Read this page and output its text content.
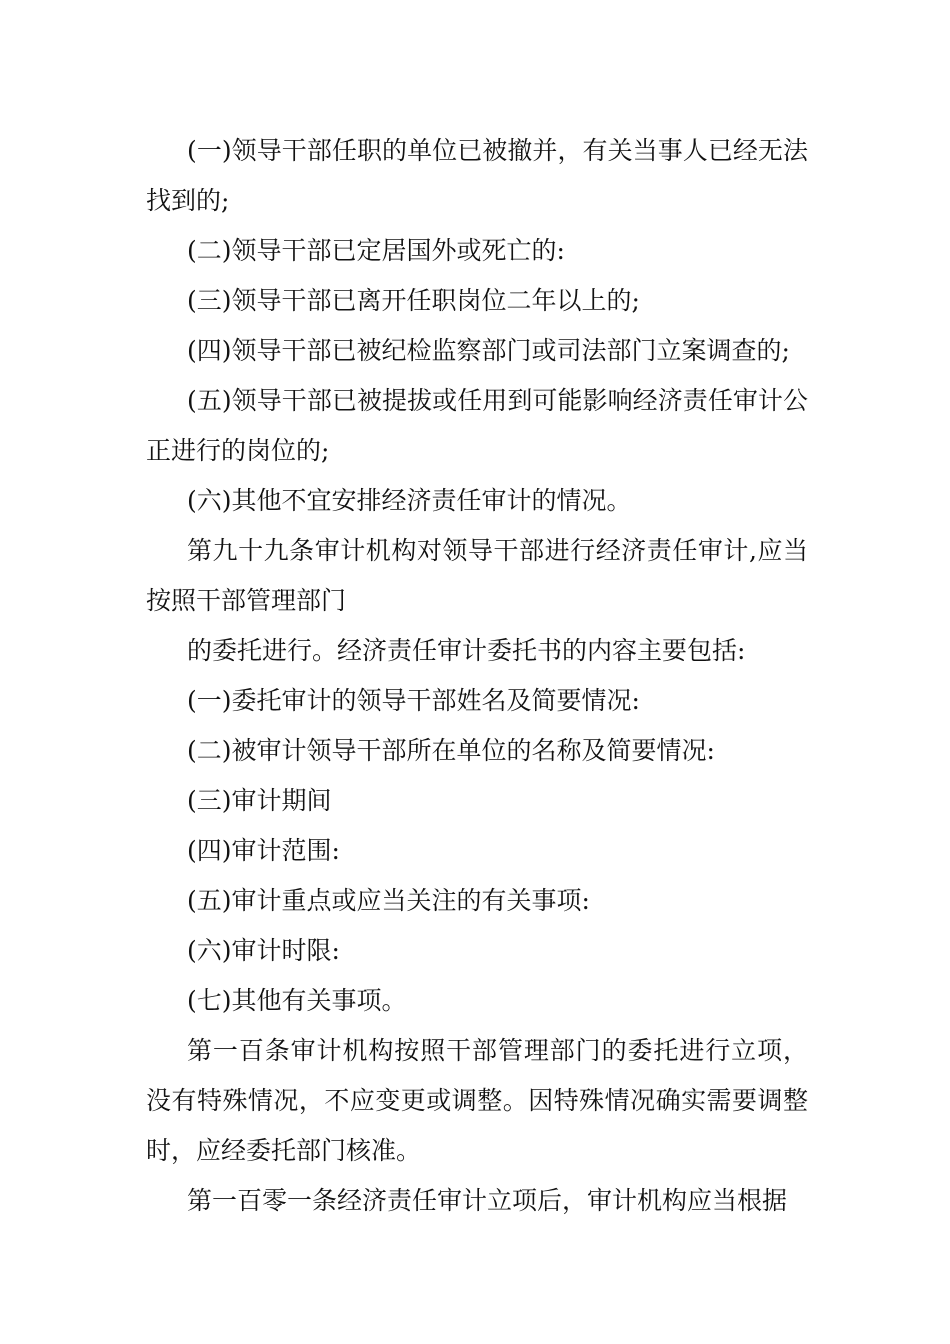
(一)领导干部任职的单位已被撤并，有关当事人已经无法找到的;

(二)领导干部已定居国外或死亡的:

(三)领导干部已离开任职岗位二年以上的;

(四)领导干部已被纪检监察部门或司法部门立案调查的;

(五)领导干部已被提拔或任用到可能影响经济责任审计公正进行的岗位的;

(六)其他不宜安排经济责任审计的情况。

第九十九条审计机构对领导干部进行经济责任审计,应当按照干部管理部门

的委托进行。经济责任审计委托书的内容主要包括:

(一)委托审计的领导干部姓名及简要情况:

(二)被审计领导干部所在单位的名称及简要情况:

(三)审计期间

(四)审计范围:

(五)审计重点或应当关注的有关事项:

(六)审计时限:

(七)其他有关事项。

第一百条审计机构按照干部管理部门的委托进行立项，没有特殊情况，不应变更或调整。因特殊情况确实需要调整时，应经委托部门核准。

第一百零一条经济责任审计立项后，审计机构应当根据
